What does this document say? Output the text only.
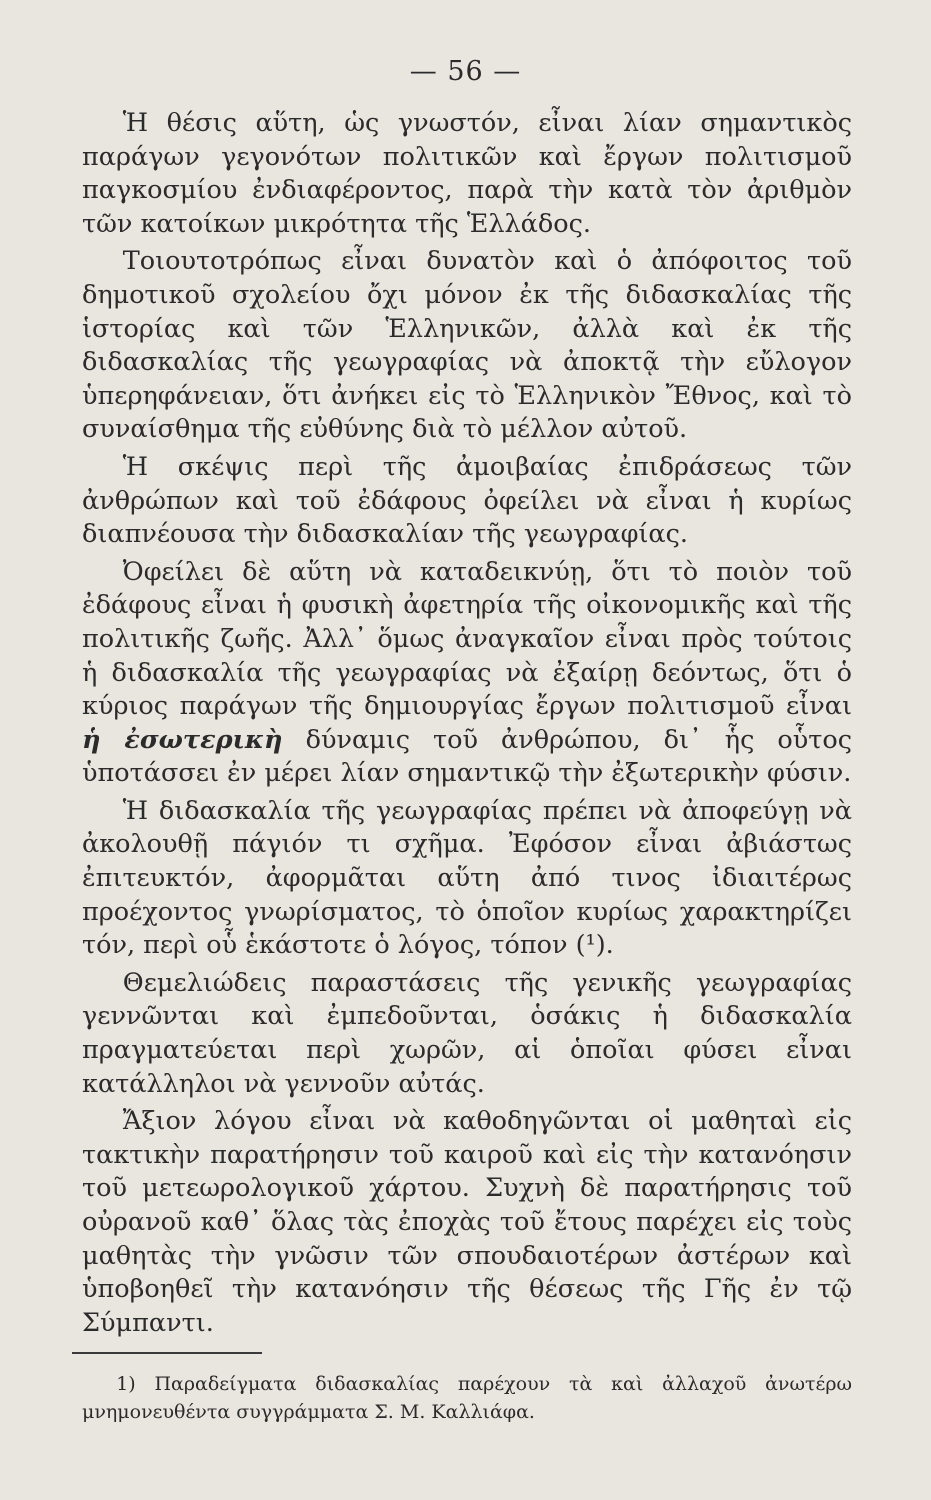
— 56 —

Ἡ θέσις αὕτη, ὡς γνωστόν, εἶναι λίαν σημαντικὸς παράγων γεγονότων πολιτικῶν καὶ ἔργων πολιτισμοῦ παγκοσμίου ἐνδιαφέροντος, παρὰ τὴν κατὰ τὸν ἀριθμὸν τῶν κατοίκων μικρότητα τῆς Ἑλλάδος.

Τοιουτοτρόπως εἶναι δυνατὸν καὶ ὁ ἀπόφοιτος τοῦ δημοτικοῦ σχολείου ὄχι μόνον ἐκ τῆς διδασκαλίας τῆς ἱστορίας καὶ τῶν Ἑλληνικῶν, ἀλλὰ καὶ ἐκ τῆς διδασκαλίας τῆς γεωγραφίας νὰ ἀποκτᾷ τὴν εὔλογον ὑπερηφάνειαν, ὅτι ἀνήκει εἰς τὸ Ἑλληνικὸν Ἔθνος, καὶ τὸ συναίσθημα τῆς εὐθύνης διὰ τὸ μέλλον αὐτοῦ.

Ἡ σκέψις περὶ τῆς ἀμοιβαίας ἐπιδράσεως τῶν ἀνθρώπων καὶ τοῦ ἐδάφους ὀφείλει νὰ εἶναι ἡ κυρίως διαπνέουσα τὴν διδασκαλίαν τῆς γεωγραφίας.

Ὀφείλει δὲ αὕτη νὰ καταδεικνύῃ, ὅτι τὸ ποιὸν τοῦ ἐδάφους εἶναι ἡ φυσικὴ ἀφετηρία τῆς οἰκονομικῆς καὶ τῆς πολιτικῆς ζωῆς. Ἀλλ᾽ ὅμως ἀναγκαῖον εἶναι πρὸς τούτοις ἡ διδασκαλία τῆς γεωγραφίας νὰ ἐξαίρῃ δεόντως, ὅτι ὁ κύριος παράγων τῆς δημιουργίας ἔργων πολιτισμοῦ εἶναι ἡ ἐσωτερικὴ δύναμις τοῦ ἀνθρώπου, δι᾽ ἧς οὗτος ὑποτάσσει ἐν μέρει λίαν σημαντικῷ τὴν ἐξωτερικὴν φύσιν.

Ἡ διδασκαλία τῆς γεωγραφίας πρέπει νὰ ἀποφεύγῃ νὰ ἀκολουθῇ πάγιόν τι σχῆμα. Ἐφόσον εἶναι ἀβιάστως ἐπιτευκτόν, ἀφορμᾶται αὕτη ἀπό τινος ἰδιαιτέρως προέχοντος γνωρίσματος, τὸ ὁποῖον κυρίως χαρακτηρίζει τόν, περὶ οὗ ἑκάστοτε ὁ λόγος, τόπον (¹).

Θεμελιώδεις παραστάσεις τῆς γενικῆς γεωγραφίας γεννῶνται καὶ ἐμπεδοῦνται, ὁσάκις ἡ διδασκαλία πραγματεύεται περὶ χωρῶν, αἱ ὁποῖαι φύσει εἶναι κατάλληλοι νὰ γεννοῦν αὐτάς.

Ἄξιον λόγου εἶναι νὰ καθοδηγῶνται οἱ μαθηταὶ εἰς τακτικὴν παρατήρησιν τοῦ καιροῦ καὶ εἰς τὴν κατανόησιν τοῦ μετεωρολογικοῦ χάρτου. Συχνὴ δὲ παρατήρησις τοῦ οὐρανοῦ καθ᾽ ὅλας τὰς ἐποχὰς τοῦ ἔτους παρέχει εἰς τοὺς μαθητὰς τὴν γνῶσιν τῶν σπουδαιοτέρων ἀστέρων καὶ ὑποβοηθεῖ τὴν κατανόησιν τῆς θέσεως τῆς Γῆς ἐν τῷ Σύμπαντι.

1) Παραδείγματα διδασκαλίας παρέχουν τὰ καὶ ἀλλαχοῦ ἀνωτέρω μνημονευθέντα συγγράμματα Σ. Μ. Καλλιάφα.
